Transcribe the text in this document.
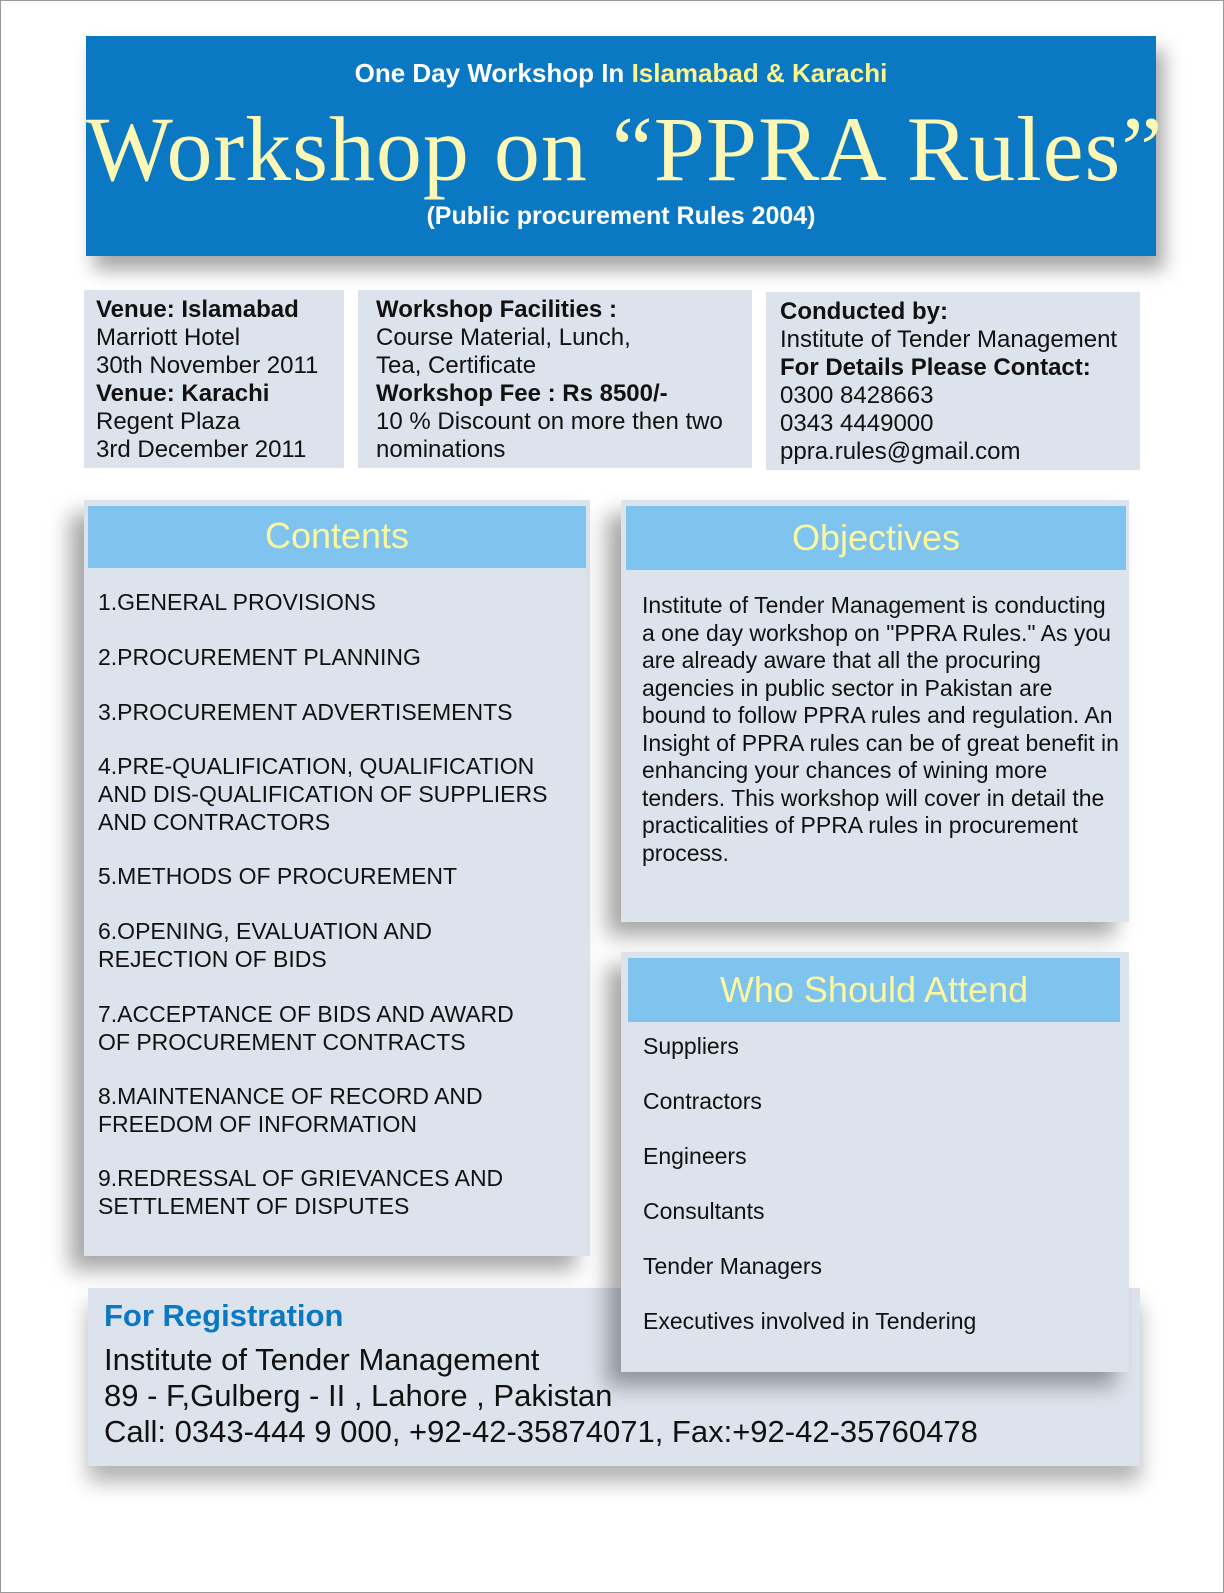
One Day Workshop In Islamabad & Karachi
Workshop on “PPRA Rules”
(Public procurement Rules 2004)
Venue: Islamabad
Marriott Hotel
30th November 2011
Venue: Karachi
Regent Plaza
3rd December 2011
Workshop Facilities :
Course Material, Lunch,
Tea, Certificate
Workshop Fee : Rs 8500/-
10 % Discount on more then two
nominations
Conducted by:
Institute of Tender Management
For Details Please Contact:
0300 8428663
0343 4449000
ppra.rules@gmail.com
Contents
1.GENERAL PROVISIONS
2.PROCUREMENT PLANNING
3.PROCUREMENT ADVERTISEMENTS
4.PRE-QUALIFICATION, QUALIFICATION
AND DIS-QUALIFICATION OF SUPPLIERS
AND CONTRACTORS
5.METHODS OF PROCUREMENT
6.OPENING, EVALUATION AND
REJECTION OF BIDS
7.ACCEPTANCE OF BIDS AND AWARD
OF PROCUREMENT CONTRACTS
8.MAINTENANCE OF RECORD AND
FREEDOM OF INFORMATION
9.REDRESSAL OF GRIEVANCES AND
SETTLEMENT OF DISPUTES
Objectives
Institute of Tender Management is conducting a one day workshop on "PPRA Rules." As you are already aware that all the procuring agencies in public sector in Pakistan are bound to follow PPRA rules and regulation. An Insight of PPRA rules can be of great benefit in enhancing your chances of wining more tenders. This workshop will cover in detail the practicalities of PPRA rules in procurement process.
For Registration
Institute of Tender Management
89 - F,Gulberg - II , Lahore , Pakistan
Call: 0343-444 9 000, +92-42-35874071, Fax:+92-42-35760478
Who Should Attend
Suppliers
Contractors
Engineers
Consultants
Tender Managers
Executives involved in Tendering
